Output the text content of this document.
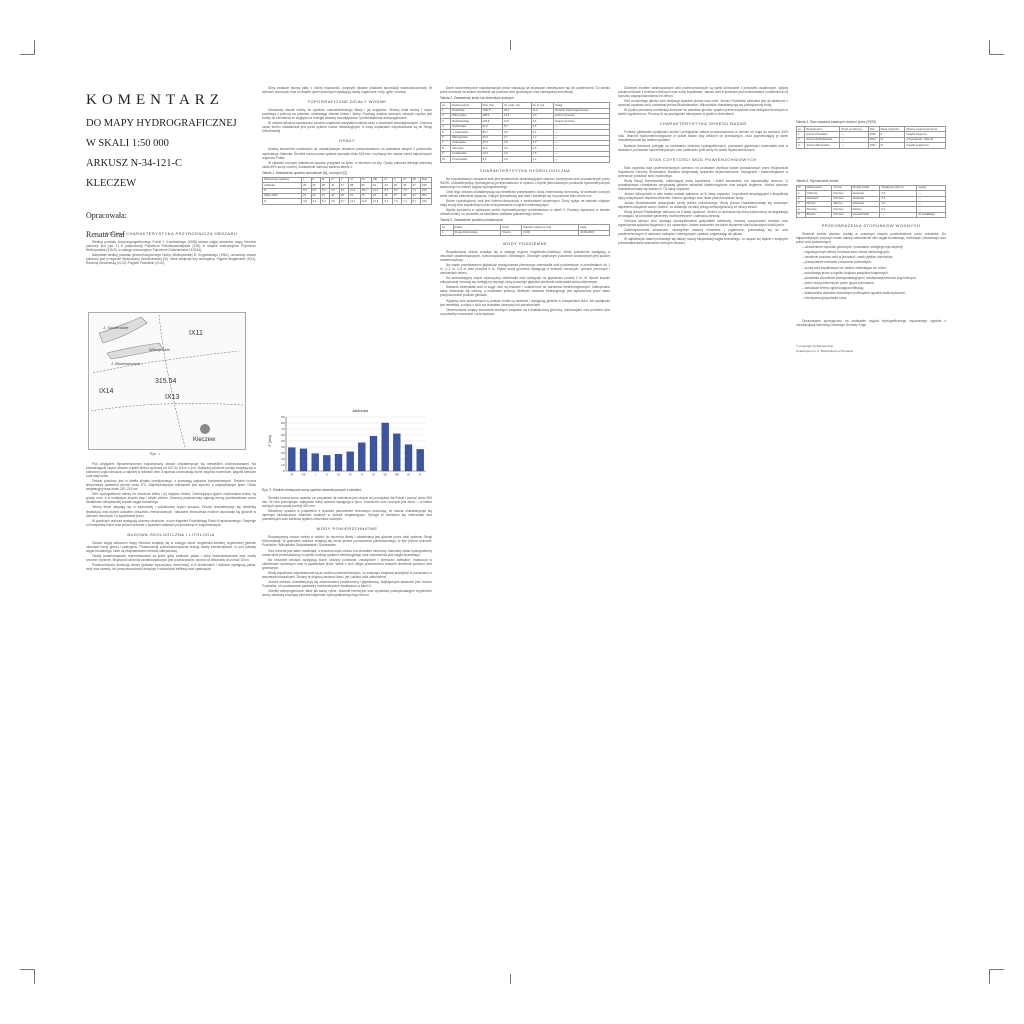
KOMENTARZ
DO MAPY HYDROGRAFICZNEJ
W SKALI 1:50 000
ARKUSZ N-34-121-C
KLECZEW
Opracowała:
Renata Graf
OGÓLNA CHARAKTERYSTYKA PRZYRODNICZA OBSZARU

Według podziału fizycznogeograficznego Polski J. Kondrackiego (1998) obszar objęty arkuszem mapy Kleczew położony jest (rys. 1) w podprowincji Pojezierza Południowobałtyckie (315), w obrębie makroregionu Pojezierze Wielkopolskie (315.5), w zasięgu mezoregionu Pojezierze Gnieźnieńskie (315.54).

Natomiast według podziału geomorfologicznego Niziny Wielkopolskiej B. Krygowskiego (1961), omawiany obszar położony jest w regionie Wysoczyzny Gnieźnieńskiej (IX), która obejmuje trzy subregiony: Pagórki Mogileńskie (IX11), Równinę Kleczewską (IX13) i Pagórki Powidzkie (IX14).

J. Suszewskie
IX11
IX14
IX13
Wilczyńskie
J. Budzisławskie
Kleczew
315.54
Rys. 1.

Pod względem hipsometrycznym rozpatrywany obszar charakteryzuje się niewielkimi zróżnicowaniami. Na przeważającej części obszaru rzędne terenu wynoszą od 100 do 115 m n.p.m. Najwyżej położone punkty znajdują się w północnej części arkusza, a najniżej w dolinach rzek. Krajobraz urozmaicają liczne wzgórza morenowe, pagórki kemowe oraz wały ozów.

Obszar położony jest w strefie klimatu przejściowego, z przewagą wpływów kontynentalnych. Średnia roczna temperatura powietrza wynosi około 8°C. Najchłodniejszym miesiącem jest styczeń, a najcieplejszym lipiec. Okres wegetacyjny trwa około 210–215 dni.

Sieć hydrograficzna należy do dorzecza Warty i jej dopływu Noteci. Dominującym typem użytkowania terenu są grunty orne, a w mniejszym stopniu lasy i użytki zielone. Znaczną powierzchnię zajmują tereny przekształcone przez działalność odkrywkowej kopalni węgla brunatnego.

Tereny leśne skupiają się w zachodniej i południowej części arkusza. Obszar charakteryzuje się niewielką lesistością oraz dużym udziałem obszarów zmeliorowanych. Naturalne zbiorowiska roślinne zachowały się głównie w dolinach rzecznych i w sąsiedztwie jezior.

W granicach arkusza występują obszary chronione, w tym fragment Powidzkiego Parku Krajobrazowego. Obejmuje on kompleksy leśne oraz jeziora rynnowe o wysokich walorach przyrodniczych i krajobrazowych.

BUDOWA GEOLOGICZNA I LITOLOGIA

Obszar objęty arkuszem mapy Kleczew znajduje się w zasięgu niecki mogileńsko-łódzkiej, wypełnionej głównie utworami kredy górnej i paleogenu. Powierzchnię podczwartorzędową budują osady trzeciorzędowe, w tym pokłady węgla brunatnego, które są eksploatowane metodą odkrywkową.

Osady czwartorzędowe reprezentowane są przez gliny zwałowe, piaski i żwiry wodnolodowcowe oraz osady rzeczne i jeziorne. Miąższość utworów czwartorzędowych jest zróżnicowana i wynosi od kilkunastu do ponad 100 m.

Powierzchniowo dominują utwory gliniaste wysoczyzny morenowej, a w obniżeniach i dolinach występują piaski, torfy oraz namuły. Ich przepuszczalność decyduje o warunkach infiltracji wód opadowych.

Gliny zwałowe tworzą płaty o różnej miąższości, przykryte lokalnie piaskami akumulacji wodnolodowcowej. W dolinach rzecznych oraz w obrębie rynien jeziornych występują osady organiczne: torfy, gytie i namuły.

TOPOGRAFICZNE DZIAŁY WODNE

Omawiany obszar należy do systemu odwodnieniowego Warty i jej dopływów. Główny dział wodny I rzędu przebiega z północy na południe, oddzielając zlewnie Noteci i Warty. Przebieg działów wodnych niższych rzędów jest trudny do określenia ze względu na rozległe obszary bezodpływowe i przekształcenia antropogeniczne.

W obrębie arkusza wyznaczono zlewnie cząstkowe wszystkich cieków wraz z obszarami bezodpływowymi. Znaczna część terenu odwadniana jest przez system rowów melioracyjnych, a wody kopalniane odprowadzane są do Strugi Kleczewskiej.

OPADY

Analizę stosunków opadowych na rozpatrywanym obszarze przeprowadzono na podstawie danych z posterunku opadowego Jabłonka. Średnia roczna suma opadów wynosiła około 518 mm, co plasuje ten obszar wśród najsuchszych regionów Polski.

W układzie rocznym maksimum opadów przypada na lipiec, a minimum na luty. Opady półrocza letniego stanowią około 60% sumy rocznej. Zestawienie wartości zawiera tabela 1.

Tabela 1. Zestawienie opadów normalnych [N], rocznych [Q]
Posterunek opadowy	I	II	III	IV	V	VI	VII	VIII	IX	X	XI	XII	Rok
Jabłonka	29	26	28	32	47	58	80	62	44	36	39	37	518
%	5,6	5,0	5,4	6,2	9,1	11,2	15,4	12,0	8,5	6,9	7,5	7,1	100
1981–2000	24	22	27	30	49	61	75	63	46	37	36	34	504
%	4,8	4,4	5,4	6,0	9,7	12,1	14,9	12,5	9,1	7,3	7,1	6,7	100
Jabłonka
P [mm]
XI	XII	I	II	III	IV	V	VI	VII	VIII	IX	X
0
10
20
30
40
50
60
70
80
90
Rys. 2. Średnie miesięczne sumy opadów atmosferycznych z wieloleci

Średnia roczna suma opadów ze wszystkich lat wielolecia jest niższa od przeciętnej dla Polski i wynosi około 500 mm. W roku przeciętnym najwyższe sumy opadów występują w lipcu. Zmienność sum rocznych jest duża — w latach suchych opad spada poniżej 400 mm.

Niedobory opadów w połączeniu z wysokim parowaniem terenowym powodują, że obszar charakteryzuje się ujemnym klimatycznym bilansem wodnym w okresie wegetacyjnym. Sprzyja to obniżaniu się zwierciadła wód podziemnych oraz zanikowi płytkich zbiorników wodnych.

WODY POWIERZCHNIOWE

Rozpatrywany obszar należy w całości do dorzecza Warty i odwadniany jest głównie przez cieki systemu Strugi Kleczewskiej. W granicach arkusza znajdują się liczne jeziora pochodzenia polodowcowego, w tym jeziora rynnowe: Powidzkie, Wilczyńskie, Budzisławskie i Suszewskie.

Sieć rzeczna jest słabo rozwinięta, a znaczna część cieków ma charakter okresowy. Naturalny układ hydrograficzny został silnie przekształcony w wyniku budowy systemu melioracyjnego oraz odwodnienia złóż węgla brunatnego.

Na obszarze arkusza występują liczne obszary podmokłe, zabagnione i okresowo zalewane, zwłaszcza w obniżeniach rynnowych oraz w sąsiedztwie jezior. Wiele z nich uległo przesuszeniu wskutek obniżenia poziomu wód gruntowych.

Wody kopalniane odprowadzane są do cieków powierzchniowych, co znacząco zwiększa przepływy w porównaniu z warunkami naturalnymi. Zmiany te dotyczą zarówno ilości, jak i jakości wód odbiorników.

Jeziora obszaru charakteryzują się zróżnicowaną powierzchnią i głębokością. Największym akwenem jest Jezioro Powidzkie. Ich podstawowe parametry morfometryczne zestawiono w tabeli 2.

Obiekty antropogeniczne, takie jak stawy rybne, zbiorniki retencyjne oraz wyrobiska poeksploatacyjne wypełnione wodą, stanowią znaczący element krajobrazu hydrograficznego tego terenu.

Dane morfometryczne rozpatrywanych jezior wskazują na stopniowe zmniejszanie się ich powierzchni. Do zaniku jezior dochodzi na skutek obniżania się poziomu wód gruntowych oraz intensywnej eutrofizacji.

Tabela 2. Zestawienie jezior lub zbiorników wodnych
Lp.	Nazwa jeziora	Pow. [ha]	Gł. maks. [m]	Gł. śr. [m]	Uwagi
1.	Powidzkie	1097,5	46,0	11,0	Powidzki Park Krajobrazowy
2.	Wilczyńskie	185,0	13,8	4,9	Jezioro rynnowe
3.	Budzisławskie	233,6	11,5	4,6	Jezioro rynnowe
4.	Suszewskie	91,6	8,7	3,4	—
5.	J. Kownackie	86,7	5,6	2,1	—
6.	Mikorzyńskie	33,0	2,7	1,2	—
7.	Ostrowskie	37,2	4,6	2,0	—
8.	Skrzynka	11,2	3,0	1,5	—
9.	Gosławickie	10,4	4,0	1,8	—
10.	Kruszwitskie	9,4	2,6	1,1	—
CHARAKTERYSTYKA HYDROLOGICZNA

Na rozpatrywanym obszarze brak jest posterunków obserwacyjnych stanów i przepływów wód prowadzonych przez IMGW. Charakterystykę hydrologiczną przeprowadzono w oparciu o wyniki jednorazowych pomiarów hydrometrycznych wykonanych w trakcie zdjęcia hydrograficznego.

Cieki tego obszaru charakteryzują się niewielkimi przepływami i dużą zmiennością sezonową. W okresach suchych wiele cieków całkowicie wysycha. Odpływ jednostkowy jest niski i kształtuje się na poziomie kilku dm³/s·km².

Reżim hydrologiczny rzek jest śnieżno-deszczowy z wezbraniami wiosennymi. Duży wpływ na warunki odpływu mają zrzuty wód kopalnianych oraz funkcjonowanie urządzeń melioracyjnych.

Wyniki pomiarów w wybranym profilu hydrometrycznym przedstawiono w tabeli 3. Pomiary wykonano w okresie niżówki letniej, co pozwoliło na określenie zasilania podziemnego cieków.

Tabela 3. Zestawienie punktów pomiarowych
Lp.	Rzeka	Profil	Wartość odpływu [m³/s]	Data
1.	Struga Kleczewska	Kleśno	0,006	20.06.2003
WODY PODZIEMNE

Rozpatrywany obszar znajduje się w zasięgu regionu mogileńsko-łódzkiego. Wody podziemne występują w utworach czwartorzędowych, trzeciorzędowych i kredowych. Głównym użytkowym poziomem wodonośnym jest poziom czwartorzędowy.

Na mapie przedstawiono głębokość występowania pierwszego zwierciadła wód podziemnych w przedziałach: do 1 m, 1–2 m, 2–5 m oraz powyżej 5 m. Płytkie wody gruntowe występują w dolinach rzecznych, rynnach jeziornych i obniżeniach terenu.

Na przeważającej części wysoczyzny zwierciadło wód występuje na głębokości poniżej 2 m. W rejonie kopalni odkrywkowej rozwinął się rozległy lej depresji, który powoduje głębokie obniżenie zwierciadła wód podziemnych.

Wahania zwierciadła wód w ciągu roku są znaczne i uzależnione od warunków meteorologicznych. Maksymalne stany obserwuje się wiosną, a minimalne jesienią. Wielkość zasilania infiltracyjnego jest ograniczona przez słabo przepuszczalne podłoże gliniaste.

Wypływy wód podziemnych w postaci źródeł są nieliczne i występują głównie w krawędziach dolin. Ich wydajność jest niewielka, a część z nich ma charakter okresowy lub pseudoźródeł.

Obserwowane zmiany stosunków wodnych związane są z działalnością górniczą, melioracjami oraz poborem wód na potrzeby komunalne i przemysłowe.

Głównym źródłem zanieczyszczeń wód powierzchniowych są ścieki komunalne z jednostek osadniczych, spływy powierzchniowe z terenów rolniczych oraz wody kopalniane. Jakość wód w jeziorach jest zróżnicowana i uzależniona od sposobu zagospodarowania ich zlewni.

Sieć monitoringu jakości wód obejmuje wybrane jeziora oraz cieki. Jezioro Powidzkie zaliczane jest do akwenów o wysokiej czystości wód, natomiast jeziora Budzisławskie i Wilczyńskie charakteryzują się podwyższoną trofią.

W wyniku procesów eutrofizacji dochodzi do zakwitów glonów, spadku przezroczystości oraz deficytów tlenowych w strefie hypolimnionu. Procesy te są szczególnie intensywne w płytkich zbiornikach.

CHARAKTERYSTYKA OKRESU BADAŃ

Pomiary giełdowski wydajności źródeł i przepływów cieków przeprowadzono w okresie od maja do czerwca 2003 roku. Warunki hydrometeorologiczne w czasie badań były zbliżone do przeciętnych, choć poprzedzający je okres charakteryzował się niskimi opadami.

Badania terenowe polegały na kartowaniu obiektów hydrograficznych, pomiarach głębokości zwierciadła wód w studniach, pomiarach hydrometrycznych oraz pobieraniu prób wody do analiz fizykochemicznych.

STAN CZYSTOŚCI WÓD POWIERZCHNIOWYCH

Stan czystości wód powierzchniowych oceniono na podstawie wyników badań prowadzonych przez Wojewódzki Inspektorat Ochrony Środowiska. Badania obejmowały wskaźniki fizykochemiczne, biologiczne i bakteriologiczne w wybranych punktach sieci monitoringu.

Wody Strugi Kleczewskiej, odbierającej wody kopalniane i ścieki komunalne, nie odpowiadały normom. O pozaklasowym charakterze decydowały głównie wskaźniki bakteriologiczne oraz związki biogenne. Jeziora rynnowe charakteryzowały się wodami II i III klasy czystości.

Jezioro Wilczyńskie w roku badań zostało zaliczone do III klasy czystości. Czynnikami decydującymi o klasyfikacji były podwyższone stężenia chlorofilu, fosforu ogólnego oraz niska przezroczystość wody.

Jezioro Budzisławskie wykazywało cechy jeziora eutroficznego. Wody jeziora charakteryzowały się znacznym stężeniem związków azotu i fosforu, co wskazuje na silną presję antropogeniczną ze strony zlewni.

Wody jeziora Powidzkiego zaliczono do II klasy czystości. Jezioro to odznacza się dużą odpornością na degradację ze względu na korzystne parametry morfometryczne i zalesioną zlewnię.

Ochrona jakości wód wymaga uporządkowania gospodarki ściekowej, budowy oczyszczalni ścieków oraz ograniczenia spływów biogenów z pól uprawnych. Istotne znaczenie ma także tworzenie stref buforowych wokół jezior.

Zanieczyszczenia obszarowe, szczególnie nawozy mineralne i organiczne, przedostają się do wód powierzchniowych w okresach roztopów i intensywnych opadów, pogarszając ich jakość.

W najbliższych latach przewiduje się dalszy rozwój eksploatacji węgla brunatnego, co wiązać się będzie z kolejnymi przekształceniami stosunków wodnych obszaru.

Tabela 4. Stan czystości badanych cieków i jezior (PIOŚ)
Lp.	Rzeka/jezioro	Punkt pomiarowy	Rok	Klasa czystości	Główne zanieczyszczenia
1.	Jezioro Powidzkie	—	2000	II	związki biogenne
2.	Jezioro Budzisławskie	—	2001	III	przewodność, chlorofil
3.	Jezioro Wilczyńskie	—	2001	III	związki organiczne
Tabela 5. Wyznaczenie źródeł
Nr	Miejscowość	Gmina	Rodzaj źródła	Wydajność [dm³/s]	Uwagi
1.	Ochronie	Kleczew	skarpowe	0,5	—
2.	Dziewierz	Kleczew	skarpowe	0,3	—
3.	Wilczyn	Wilczyn	skarpowe	1,0	—
4.	Kleczew	Kleczew	dolinne	0,2	—
5.	Brzezie	Kleczew	pseudoźródło	—	do kwalifikacji
PRZEOBRAŻENIA STOSUNKÓW WODNYCH

Stosunki wodne obszaru zostały w znacznym stopniu przekształcone przez człowieka. Do najważniejszych przyczyn zmian należą odwodnienie złóż węgla brunatnego, melioracje, urbanizacja oraz pobór wód podziemnych:

– odwodnienie wyrobisk górniczych i powstanie rozległego leja depresji;

– regulacja koryt cieków i budowa sieci rowów melioracyjnych;

– obniżenie poziomu wód w jeziorach i zanik płytkich zbiorników;

– przesuszenie torfowisk i obszarów podmokłych;

– zrzuty wód kopalnianych do cieków zmieniające ich reżim;

– eutrofizacja jezior w wyniku dopływu związków biogennych;

– powstanie zbiorników poeksploatacyjnych i rekultywacja terenów pogórniczych;

– pobór wód podziemnych przez ujęcia komunalne;

– zabudowa terenu ograniczająca infiltrację;

– składowiska odpadów stanowiące potencjalne ogniska zanieczyszczeń;

– intensywna gospodarka rolna.

Opracowanie sporządzono na podstawie zdjęcia hydrograficznego wykonanego zgodnie z obowiązującą instrukcją Głównego Geodety Kraju.

© Copyright by Renata Graf
Uniwersytet im. A. Mickiewicza w Poznaniu
